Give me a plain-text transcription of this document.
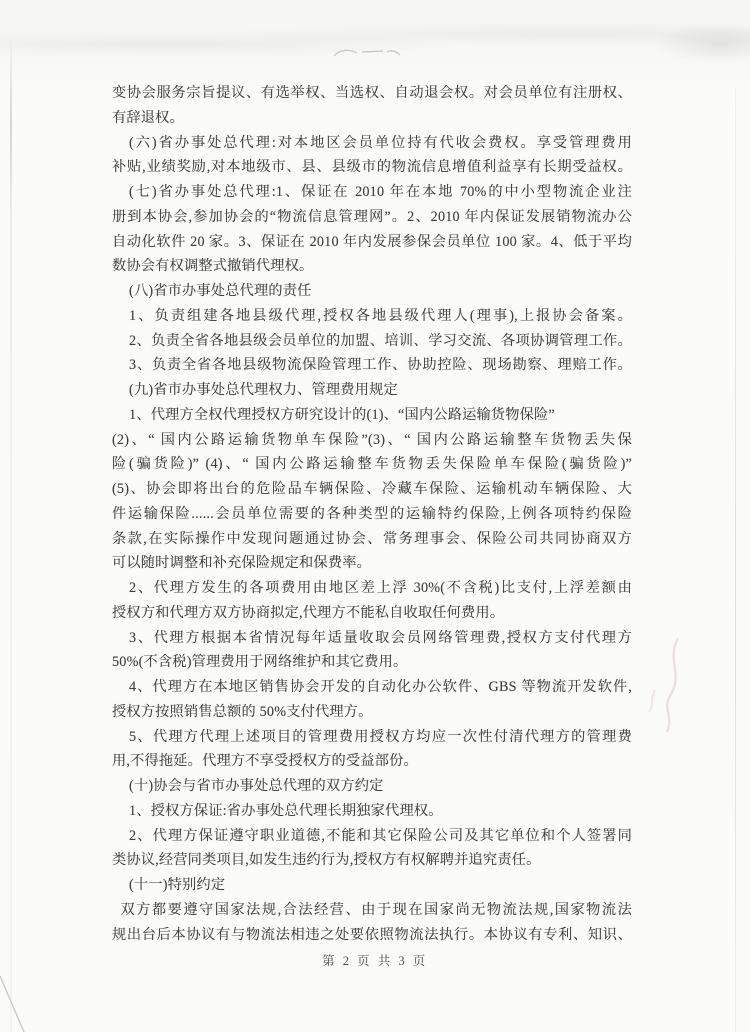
变协会服务宗旨提议、有选举权、当选权、自动退会权。对会员单位有注册权、
有辞退权。
(六)省办事处总代理:对本地区会员单位持有代收会费权。享受管理费用
补贴,业绩奖励,对本地级市、县、县级市的物流信息增值利益享有长期受益权。
(七)省办事处总代理:1、保证在 2010 年在本地 70%的中小型物流企业注
册到本协会,参加协会的“物流信息管理网”。2、2010 年内保证发展销物流办公
自动化软件 20 家。3、保证在 2010 年内发展参保会员单位 100 家。4、低于平均
数协会有权调整式撤销代理权。
(八)省市办事处总代理的责任
1、负责组建各地县级代理,授权各地县级代理人(理事),上报协会备案。
2、负责全省各地县级会员单位的加盟、培训、学习交流、各项协调管理工作。
3、负责全省各地县级物流保险管理工作、协助控险、现场勘察、理赔工作。
(九)省市办事处总代理权力、管理费用规定
1、代理方全权代理授权方研究设计的(1)、“国内公路运输货物保险”
(2)、“ 国内公路运输货物单车保险”(3)、“ 国内公路运输整车货物丢失保
险(骗货险)” (4)、“ 国内公路运输整车货物丢失保险单车保险(骗货险)”
(5)、协会即将出台的危险品车辆保险、冷藏车保险、运输机动车辆保险、大
件运输保险......会员单位需要的各种类型的运输特约保险,上例各项特约保险
条款,在实际操作中发现问题通过协会、常务理事会、保险公司共同协商双方
可以随时调整和补充保险规定和保费率。
2、代理方发生的各项费用由地区差上浮 30%(不含税)比支付,上浮差额由
授权方和代理方双方协商拟定,代理方不能私自收取任何费用。
3、代理方根据本省情况每年适量收取会员网络管理费,授权方支付代理方
50%(不含税)管理费用于网络维护和其它费用。
4、代理方在本地区销售协会开发的自动化办公软件、GBS 等物流开发软件,
授权方按照销售总额的 50%支付代理方。
5、代理方代理上述项目的管理费用授权方均应一次性付清代理方的管理费
用,不得拖延。代理方不享受授权方的受益部份。
(十)协会与省市办事处总代理的双方约定
1、授权方保证:省办事处总代理长期独家代理权。
2、代理方保证遵守职业道德,不能和其它保险公司及其它单位和个人签署同
类协议,经营同类项目,如发生违约行为,授权方有权解聘并追究责任。
(十一)特别约定
双方都要遵守国家法规,合法经营、由于现在国家尚无物流法规,国家物流法
规出台后本协议有与物流法相违之处要依照物流法执行。本协议有专利、知识、
第 2 页 共 3 页
